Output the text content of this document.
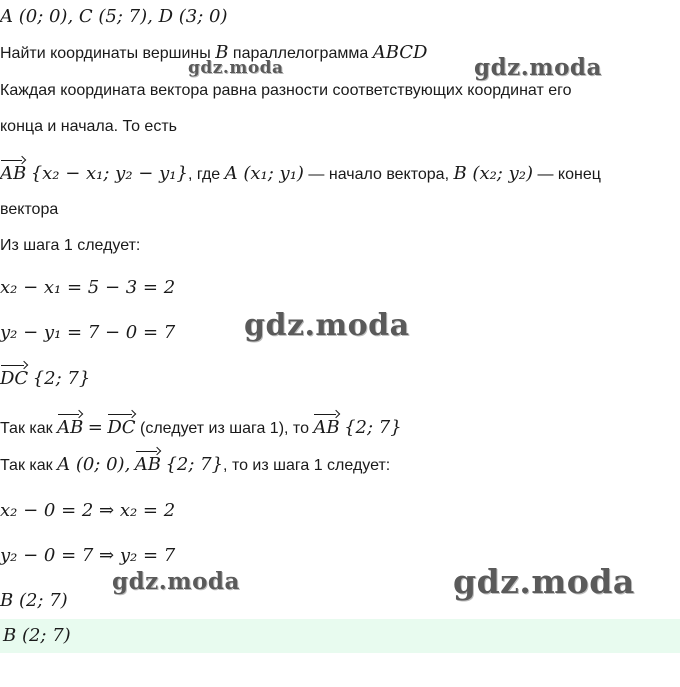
gdz.moda	gdz.moda
gdz.moda
gdz.moda	gdz.moda
B (2; 7)
A (0; 0), C (5; 7), D (3; 0)
Найти координаты вершины B параллелограмма ABCD
Каждая координата вектора равна разности соответствующих координат его
конца и начала. То есть
AB {x₂ − x₁; y₂ − y₁}, где A (x₁; y₁) — начало вектора, B (x₂; y₂) — конец
вектора
Из шага 1 следует:
x₂ − x₁ = 5 − 3 = 2
y₂ − y₁ = 7 − 0 = 7
DC {2; 7}
Так как AB = DC (следует из шага 1), то AB {2; 7}
Так как A (0; 0), AB {2; 7}, то из шага 1 следует:
x₂ − 0 = 2 ⇒ x₂ = 2
y₂ − 0 = 7 ⇒ y₂ = 7
B (2; 7)
